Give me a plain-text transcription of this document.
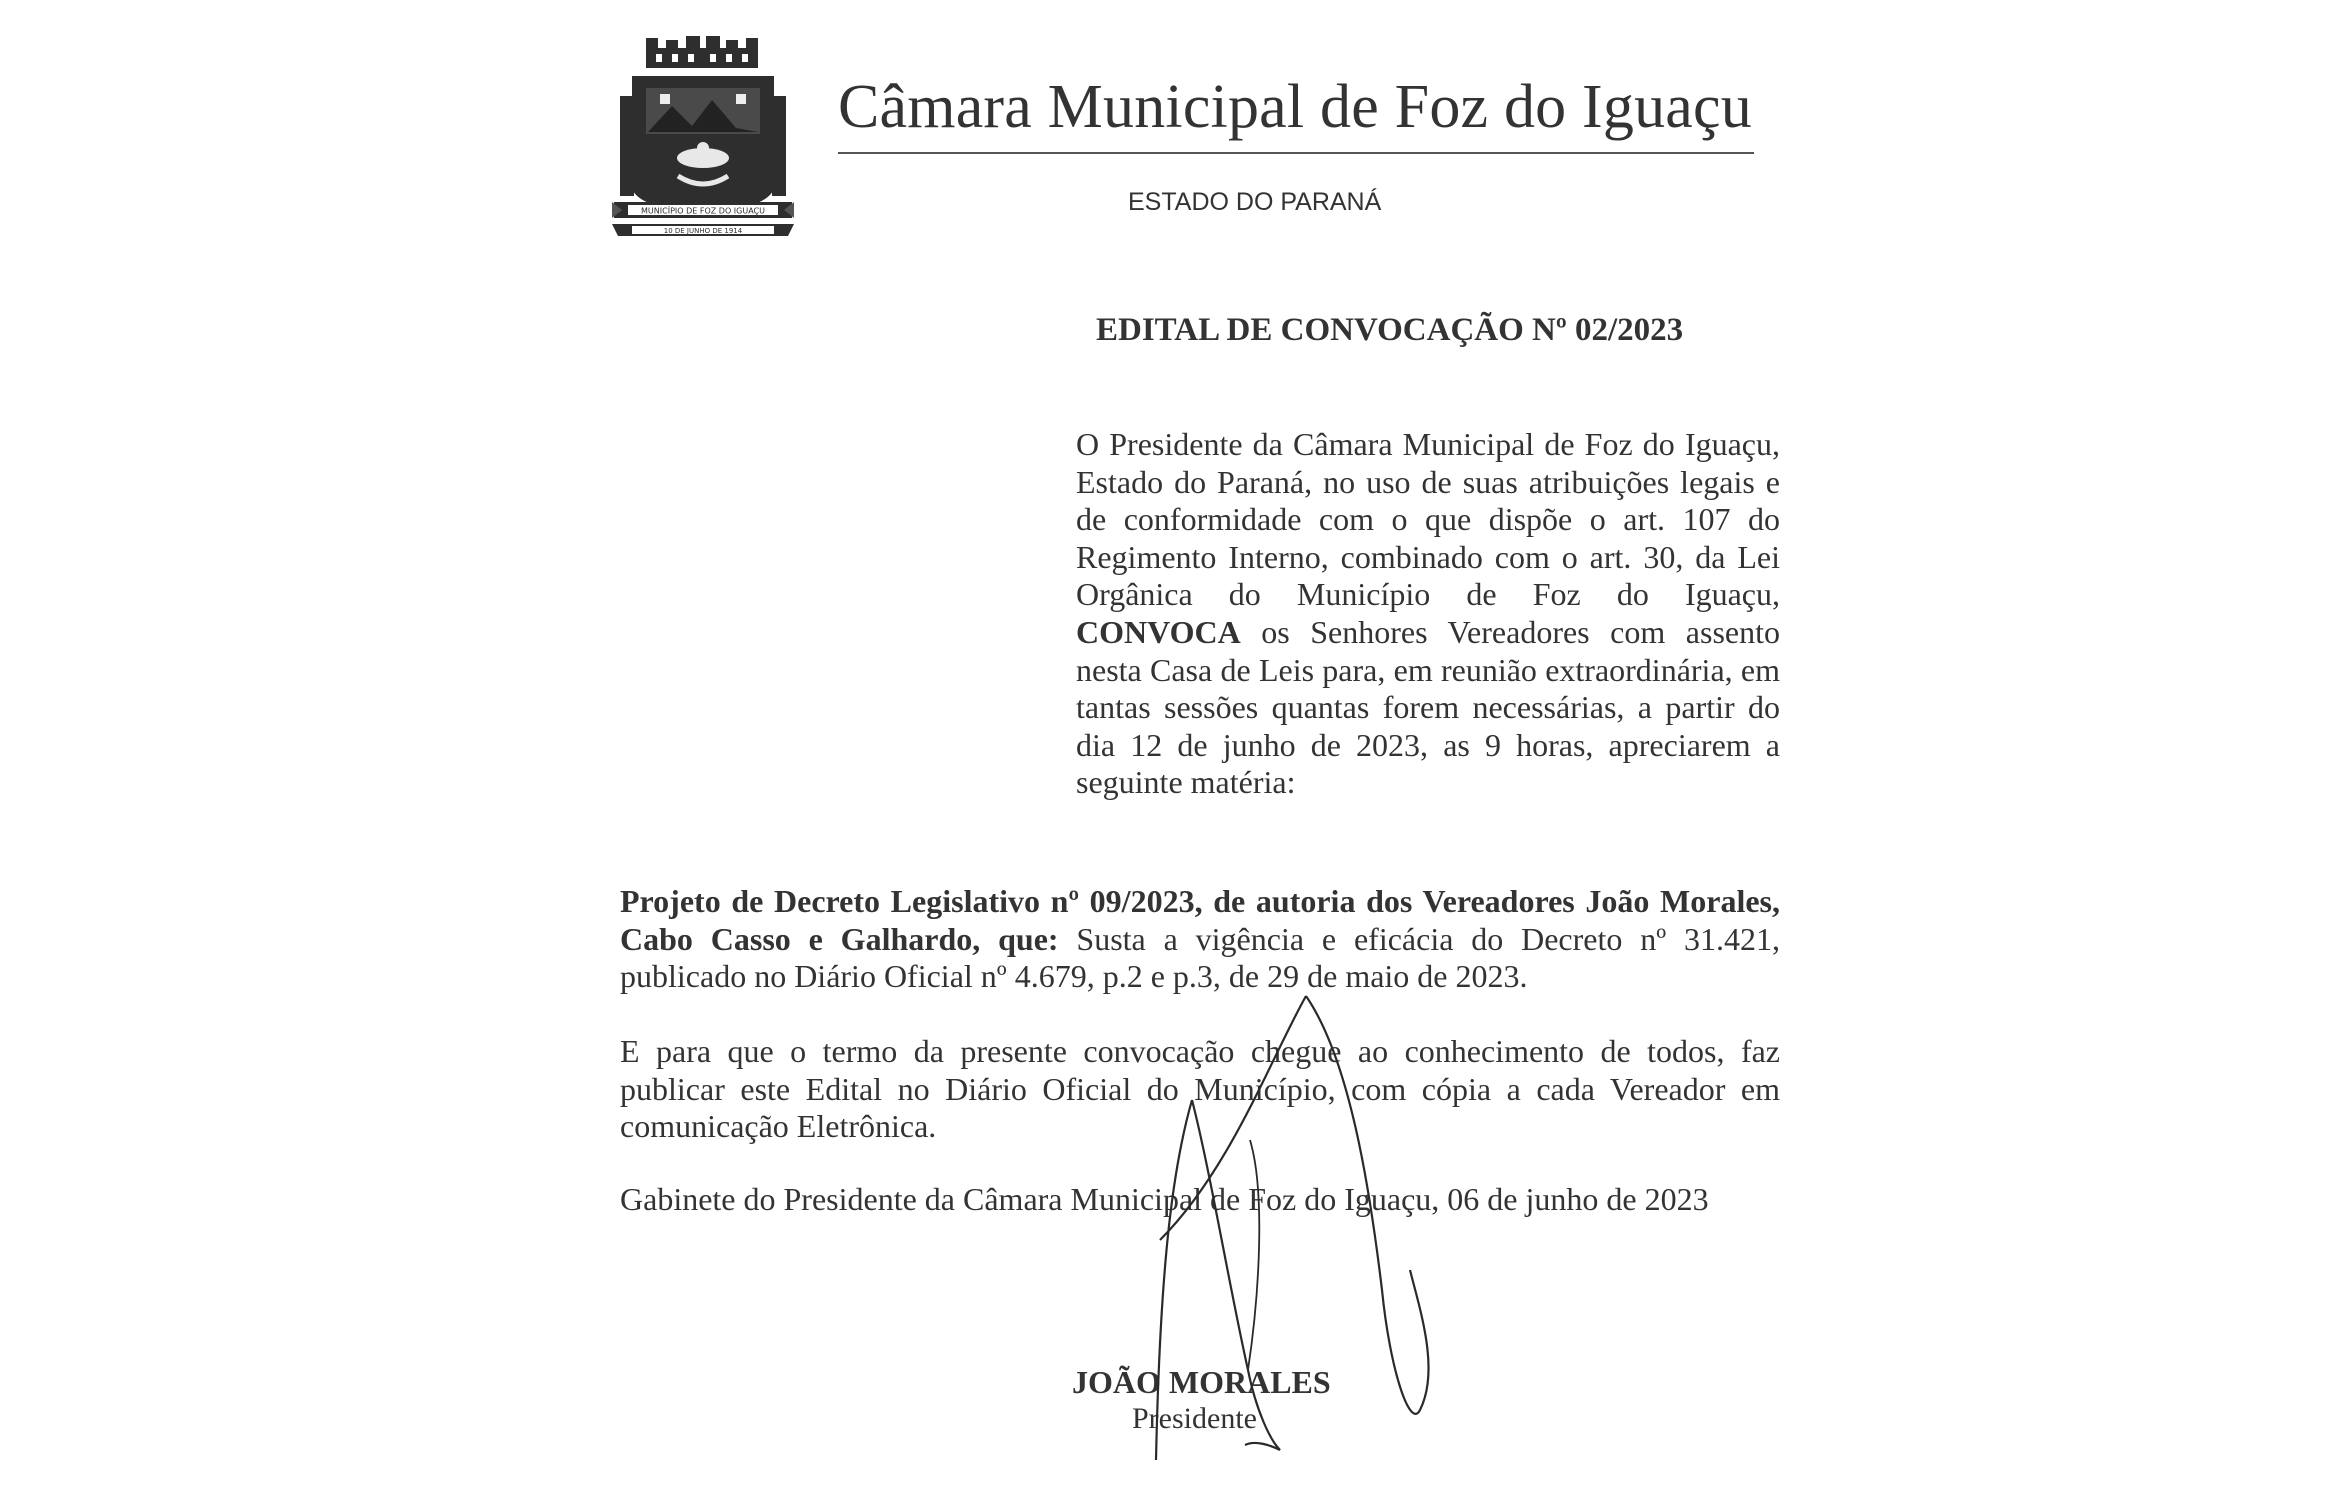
MUNICÍPIO DE FOZ DO IGUAÇU
10 DE JUNHO DE 1914
Câmara Municipal de Foz do Iguaçu
ESTADO DO PARANÁ
EDITAL DE CONVOCAÇÃO Nº 02/2023
O Presidente da Câmara Municipal de Foz do Iguaçu, Estado do Paraná, no uso de suas atribuições legais e de conformidade com o que dispõe o art. 107 do Regimento Interno, combinado com o art. 30, da Lei Orgânica do Município de Foz do Iguaçu, CONVOCA os Senhores Vereadores com assento nesta Casa de Leis para, em reunião extraordinária, em tantas sessões quantas forem necessárias, a partir do dia 12 de junho de 2023, as 9 horas, apreciarem a seguinte matéria:
Projeto de Decreto Legislativo nº 09/2023, de autoria dos Vereadores João Morales, Cabo Casso e Galhardo, que: Susta a vigência e eficácia do Decreto nº 31.421, publicado no Diário Oficial nº 4.679, p.2 e p.3, de 29 de maio de 2023.
E para que o termo da presente convocação chegue ao conhecimento de todos, faz publicar este Edital no Diário Oficial do Município, com cópia a cada Vereador em comunicação Eletrônica.
Gabinete do Presidente da Câmara Municipal de Foz do Iguaçu, 06 de junho de 2023
JOÃO MORALES
Presidente
